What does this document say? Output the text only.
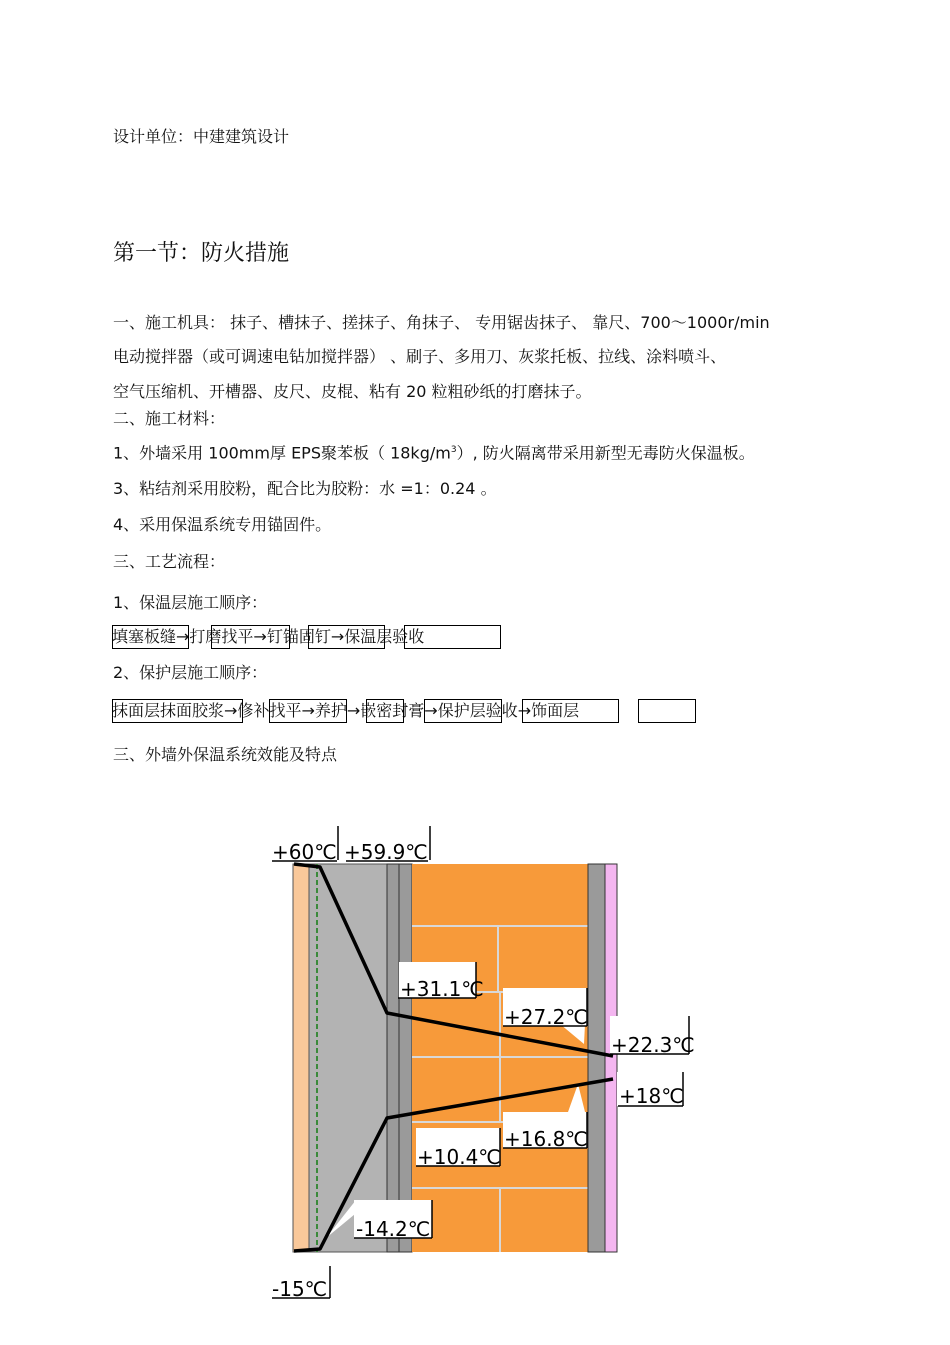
设计单位：中建建筑设计
第一节：防火措施
一、施工机具： 抹子、槽抹子、搓抹子、角抹子、 专用锯齿抹子、 靠尺、700～1000r/min
电动搅拌器（或可调速电钻加搅拌器） 、刷子、多用刀、灰浆托板、拉线、涂料喷斗、
空气压缩机、开槽器、皮尺、皮棍、粘有 20 粒粗砂纸的打磨抹子。
二、施工材料：
1、外墙采用 100mm厚 EPS聚苯板（ $18kg/m^3$）, 防火隔离带采用新型无毒防火保温板。
3、粘结剂采用胶粉，配合比为胶粉：水 =1：0.24 。
4、采用保温系统专用锚固件。
三、工艺流程：
1、保温层施工顺序：
填塞板缝→打磨找平→钉锚固钉→保温层验收
2、保护层施工顺序：
抹面层抹面胶浆→修补找平→养护→嵌密封膏→保护层验收→饰面层
三、外墙外保温系统效能及特点
+60℃ +59.9℃
+31.1℃
+27.2℃
+22.3℃
+18℃
+16.8℃
+10.4℃
-14.2℃
-15℃
